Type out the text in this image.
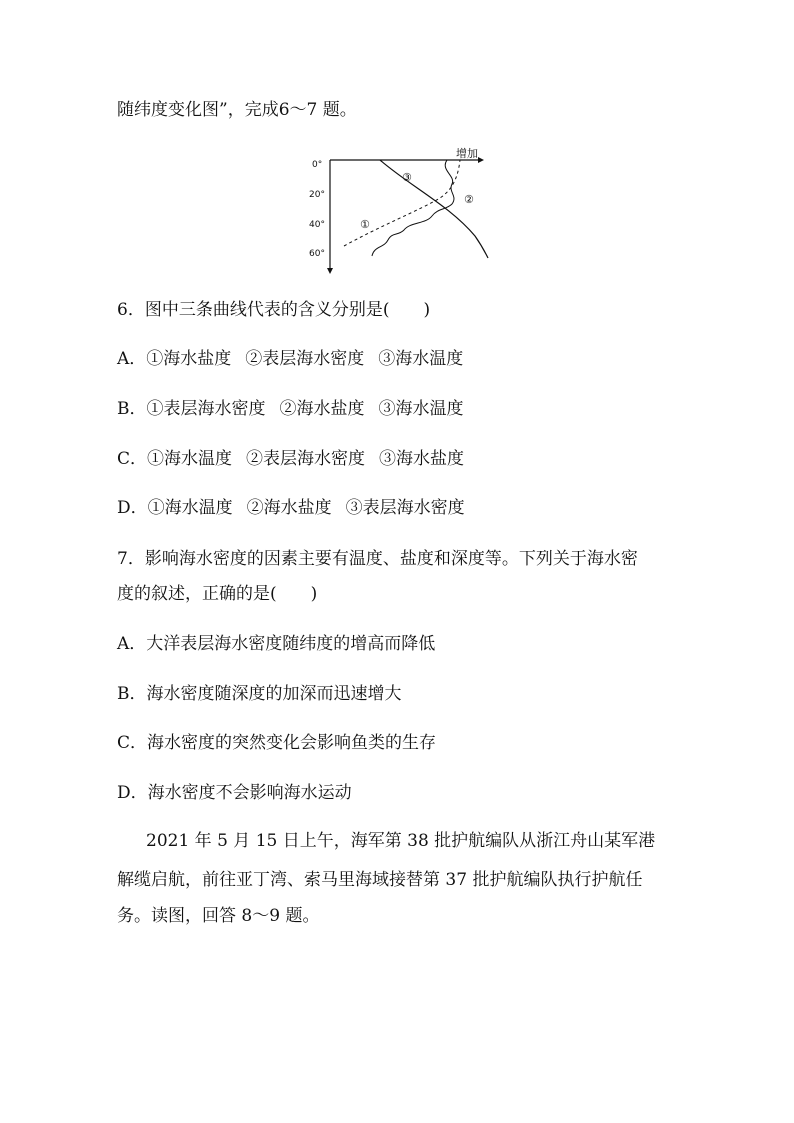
随纬度变化图”，完成6～7 题。
0°
20°
40°
60°
增加
①
②
③
6．图中三条曲线代表的含义分别是(　　)
A．①海水盐度 ②表层海水密度 ③海水温度
B．①表层海水密度 ②海水盐度 ③海水温度
C．①海水温度 ②表层海水密度 ③海水盐度
D．①海水温度 ②海水盐度 ③表层海水密度
7．影响海水密度的因素主要有温度、盐度和深度等。下列关于海水密
度的叙述，正确的是(　　)
A．大洋表层海水密度随纬度的增高而降低
B．海水密度随深度的加深而迅速增大
C．海水密度的突然变化会影响鱼类的生存
D．海水密度不会影响海水运动
2021 年 5 月 15 日上午，海军第 38 批护航编队从浙江舟山某军港
解缆启航，前往亚丁湾、索马里海域接替第 37 批护航编队执行护航任
务。读图，回答 8～9 题。
